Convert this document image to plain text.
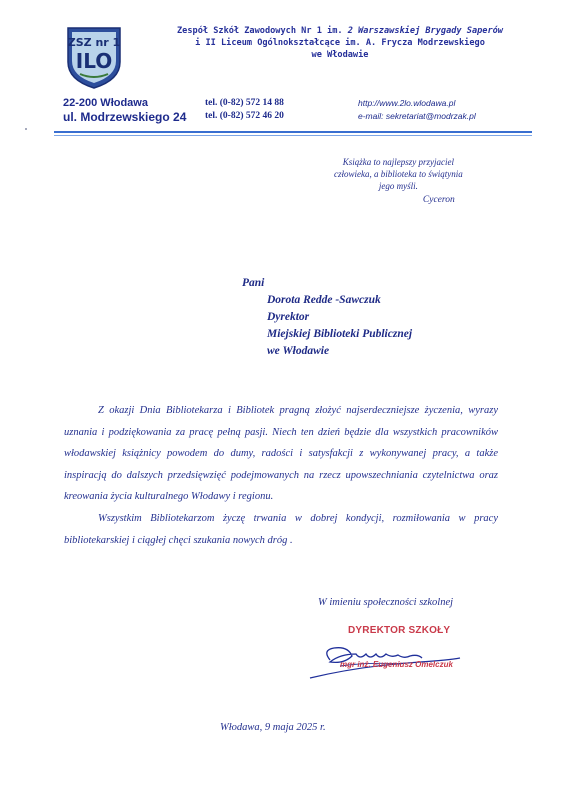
ZSZ nr 1
ILO
Zespół Szkół Zawodowych Nr 1 im. 2 Warszawskiej Brygady Saperów
i II Liceum Ogólnokształcące im. A. Frycza Modrzewskiego
we Włodawie
22-200 Włodawa
ul. Modrzewskiego 24
tel. (0-82) 572 14 88
tel. (0-82) 572 46 20
http://www.2lo.wlodawa.pl
e-mail: sekretariat@modrzak.pl
Książka to najlepszy przyjaciel
człowieka, a biblioteka to świątynia
jego myśli.
Cyceron
Pani
Dorota Redde -Sawczuk
Dyrektor
Miejskiej Biblioteki Publicznej
we Włodawie

Z okazji Dnia Bibliotekarza i Bibliotek pragną złożyć najserdeczniejsze życzenia, wyrazy uznania i podziękowania za pracę pełną pasji. Niech ten dzień będzie dla wszystkich pracowników włodawskiej książnicy powodem do dumy, radości i satysfakcji z wykonywanej pracy, a także inspiracją do dalszych przedsięwzięć podejmowanych na rzecz upowszechniania czytelnictwa oraz kreowania życia kulturalnego Włodawy i regionu.

Wszystkim Bibliotekarzom życzę trwania w dobrej kondycji, rozmiłowania w pracy bibliotekarskiej i ciągłej chęci szukania nowych dróg .

W imieniu społeczności szkolnej
DYREKTOR SZKOŁY
mgr inż. Eugeniusz Omelczuk
Włodawa, 9 maja 2025 r.
